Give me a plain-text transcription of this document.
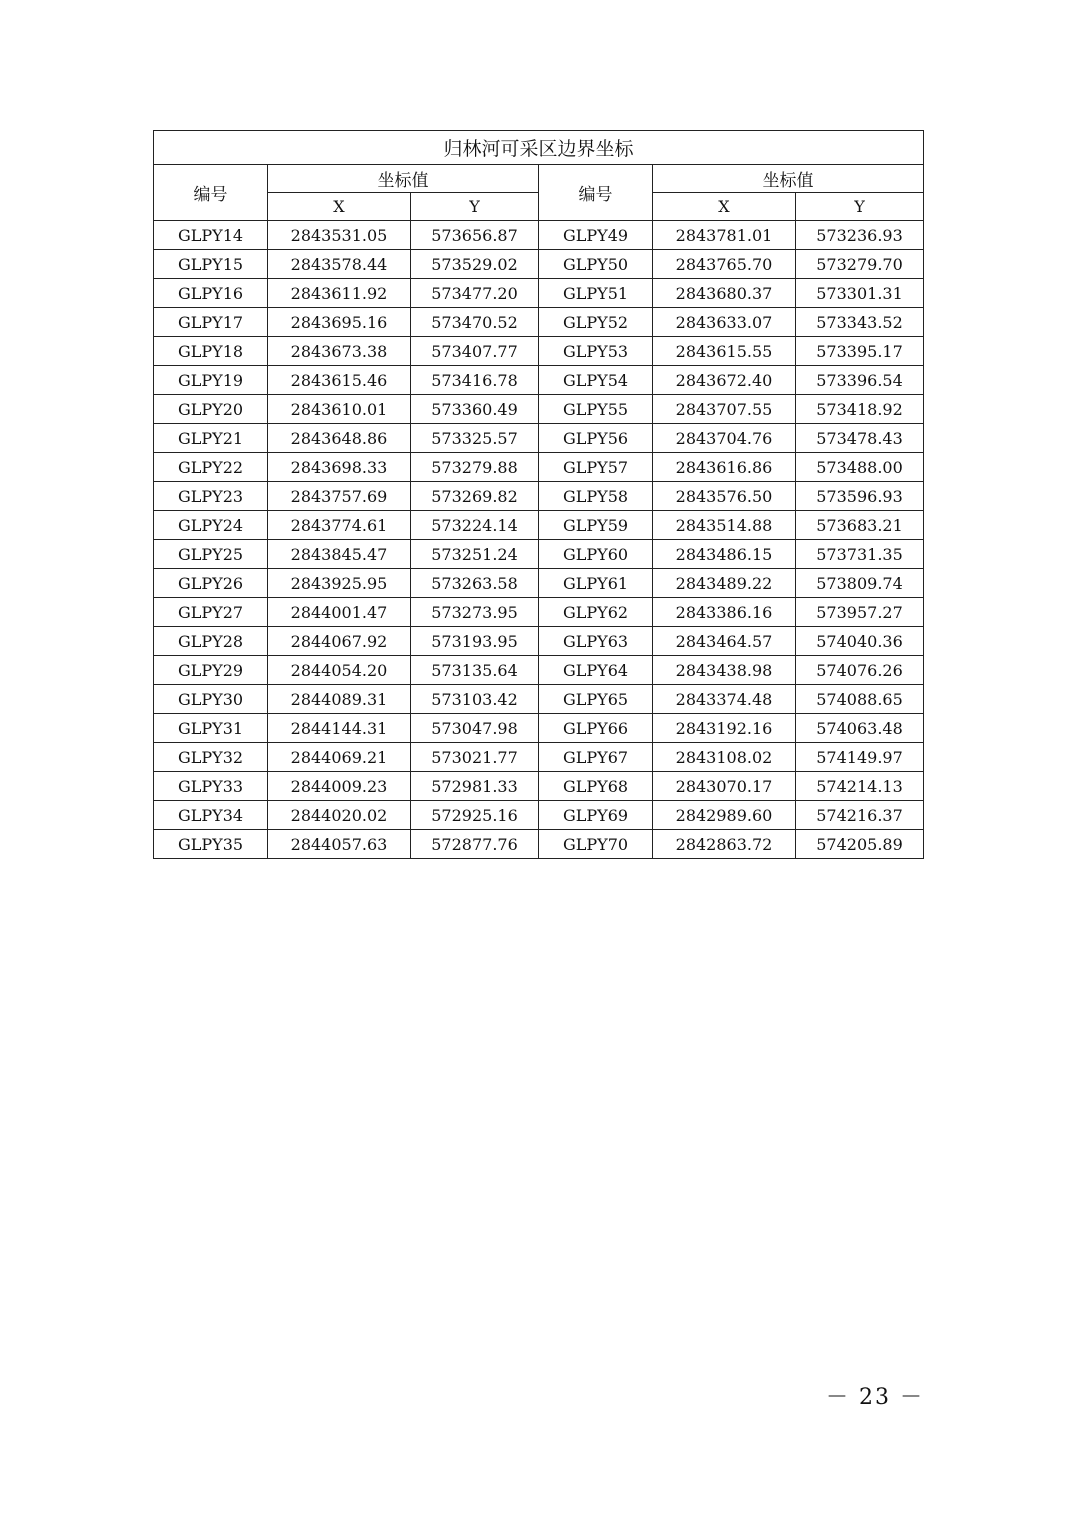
归林河可采区边界坐标					
编号	坐标值		编号	坐标值	
	X	Y		X	Y
GLPY14	2843531.05	573656.87	GLPY49	2843781.01	573236.93
GLPY15	2843578.44	573529.02	GLPY50	2843765.70	573279.70
GLPY16	2843611.92	573477.20	GLPY51	2843680.37	573301.31
GLPY17	2843695.16	573470.52	GLPY52	2843633.07	573343.52
GLPY18	2843673.38	573407.77	GLPY53	2843615.55	573395.17
GLPY19	2843615.46	573416.78	GLPY54	2843672.40	573396.54
GLPY20	2843610.01	573360.49	GLPY55	2843707.55	573418.92
GLPY21	2843648.86	573325.57	GLPY56	2843704.76	573478.43
GLPY22	2843698.33	573279.88	GLPY57	2843616.86	573488.00
GLPY23	2843757.69	573269.82	GLPY58	2843576.50	573596.93
GLPY24	2843774.61	573224.14	GLPY59	2843514.88	573683.21
GLPY25	2843845.47	573251.24	GLPY60	2843486.15	573731.35
GLPY26	2843925.95	573263.58	GLPY61	2843489.22	573809.74
GLPY27	2844001.47	573273.95	GLPY62	2843386.16	573957.27
GLPY28	2844067.92	573193.95	GLPY63	2843464.57	574040.36
GLPY29	2844054.20	573135.64	GLPY64	2843438.98	574076.26
GLPY30	2844089.31	573103.42	GLPY65	2843374.48	574088.65
GLPY31	2844144.31	573047.98	GLPY66	2843192.16	574063.48
GLPY32	2844069.21	573021.77	GLPY67	2843108.02	574149.97
GLPY33	2844009.23	572981.33	GLPY68	2843070.17	574214.13
GLPY34	2844020.02	572925.16	GLPY69	2842989.60	574216.37
GLPY35	2844057.63	572877.76	GLPY70	2842863.72	574205.89
－ 23 －
